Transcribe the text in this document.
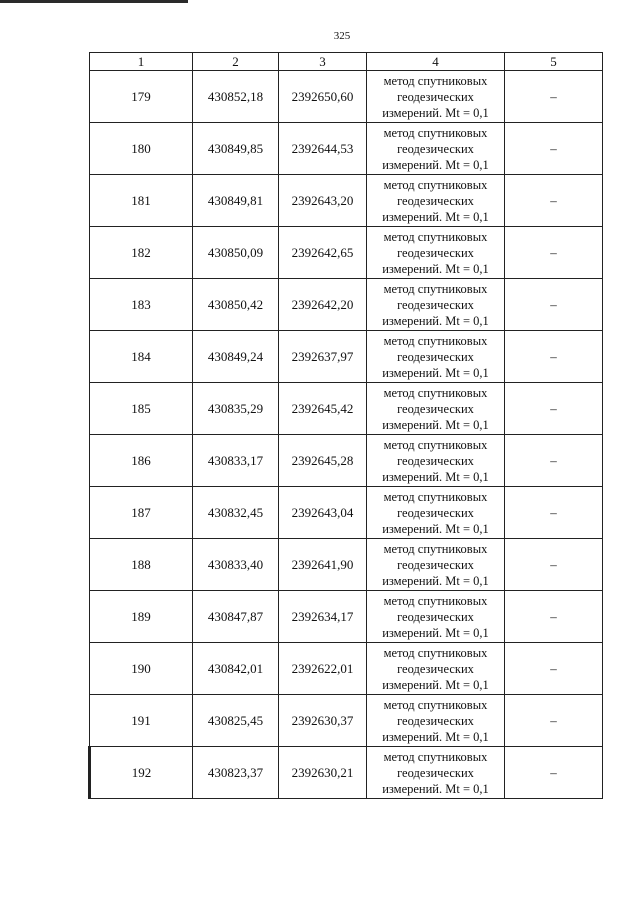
325
1	2	3	4	5
179	430852,18	2392650,60	метод спутниковых геодезических измерений. Mt = 0,1	–
180	430849,85	2392644,53	метод спутниковых геодезических измерений. Mt = 0,1	–
181	430849,81	2392643,20	метод спутниковых геодезических измерений. Mt = 0,1	–
182	430850,09	2392642,65	метод спутниковых геодезических измерений. Mt = 0,1	–
183	430850,42	2392642,20	метод спутниковых геодезических измерений. Mt = 0,1	–
184	430849,24	2392637,97	метод спутниковых геодезических измерений. Mt = 0,1	–
185	430835,29	2392645,42	метод спутниковых геодезических измерений. Mt = 0,1	–
186	430833,17	2392645,28	метод спутниковых геодезических измерений. Mt = 0,1	–
187	430832,45	2392643,04	метод спутниковых геодезических измерений. Mt = 0,1	–
188	430833,40	2392641,90	метод спутниковых геодезических измерений. Mt = 0,1	–
189	430847,87	2392634,17	метод спутниковых геодезических измерений. Mt = 0,1	–
190	430842,01	2392622,01	метод спутниковых геодезических измерений. Mt = 0,1	–
191	430825,45	2392630,37	метод спутниковых геодезических измерений. Mt = 0,1	–
192	430823,37	2392630,21	метод спутниковых геодезических измерений. Mt = 0,1	–
